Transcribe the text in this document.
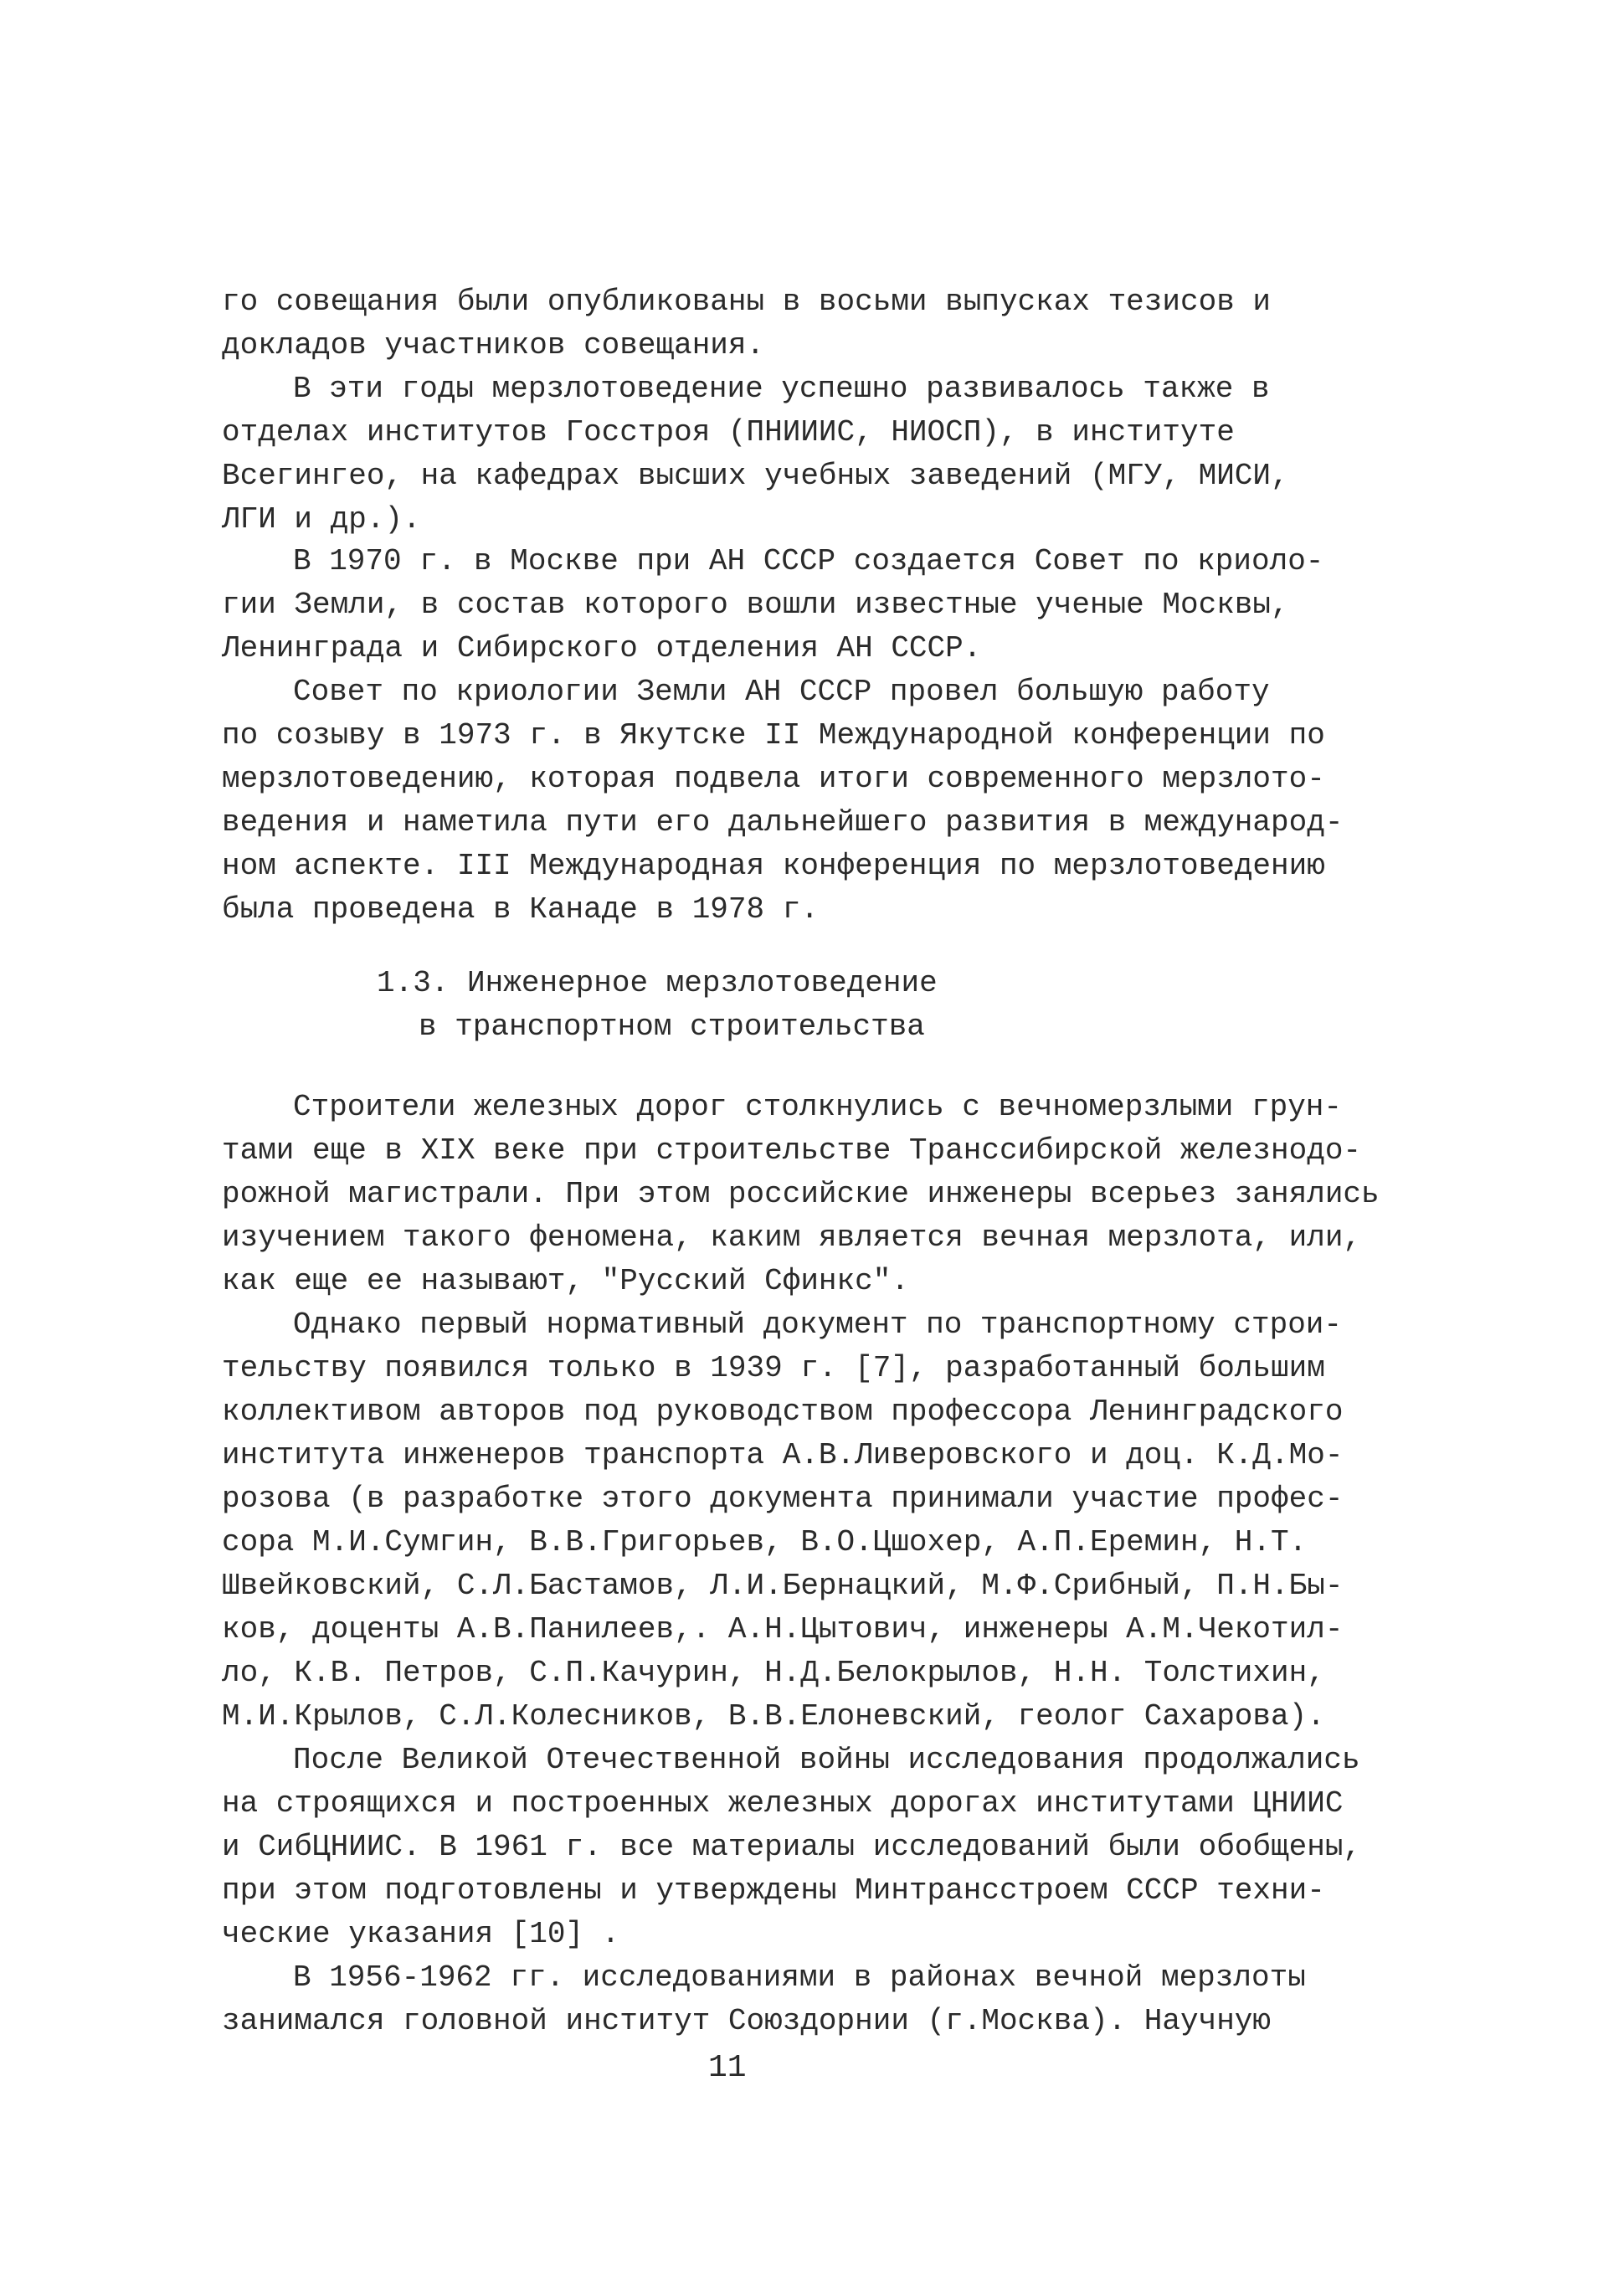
го совещания были опубликованы в восьми выпусках тезисов и
докладов участников совещания.
В эти годы мерзлотоведение успешно развивалось также в
отделах институтов Госстроя (ПНИИИС, НИОСП), в институте
Всегингео, на кафедрах высших учебных заведений (МГУ, МИСИ,
ЛГИ и др.).
В 1970 г. в Москве при АН СССР создается Совет по криоло-
гии Земли, в состав которого вошли известные ученые Москвы,
Ленинграда и Сибирского отделения АН СССР.
Совет по криологии Земли АН СССР провел большую работу
по созыву в 1973 г. в Якутске II Международной конференции по
мерзлотоведению, которая подвела итоги современного мерзлото-
ведения и наметила пути его дальнейшего развития в международ-
ном аспекте. III Международная конференция по мерзлотоведению
была проведена в Канаде в 1978 г.
1.3. Инженерное мерзлотоведение
в транспортном строительства
Строители железных дорог столкнулись с вечномерзлыми грун-
тами еще в XIX веке при строительстве Транссибирской железнодо-
рожной магистрали. При этом российские инженеры всерьез занялись
изучением такого феномена, каким является вечная мерзлота, или,
как еще ее называют, "Русский Сфинкс".
Однако первый нормативный документ по транспортному строи-
тельству появился только в 1939 г. [7], разработанный большим
коллективом авторов под руководством профессора Ленинградского
института инженеров транспорта А.В.Ливеровского и доц. К.Д.Мо-
розова (в разработке этого документа принимали участие профес-
сора М.И.Сумгин, В.В.Григорьев, В.О.Цшохер, А.П.Еремин, Н.Т.
Швейковский, С.Л.Бастамов, Л.И.Бернацкий, М.Ф.Срибный, П.Н.Бы-
ков, доценты А.В.Панилеев,. А.Н.Цытович, инженеры А.М.Чекотил-
ло, К.В. Петров, С.П.Качурин, Н.Д.Белокрылов, Н.Н. Толстихин,
М.И.Крылов, С.Л.Колесников, В.В.Елоневский, геолог Сахарова).
После Великой Отечественной войны исследования продолжались
на строящихся и построенных железных дорогах институтами ЦНИИС
и СибЦНИИС. В 1961 г. все материалы исследований были обобщены,
при этом подготовлены и утверждены Минтрансстроем СССР техни-
ческие указания [10] .
В 1956-1962 гг. исследованиями в районах вечной мерзлоты
занимался головной институт Союздорнии (г.Москва). Научную
11
